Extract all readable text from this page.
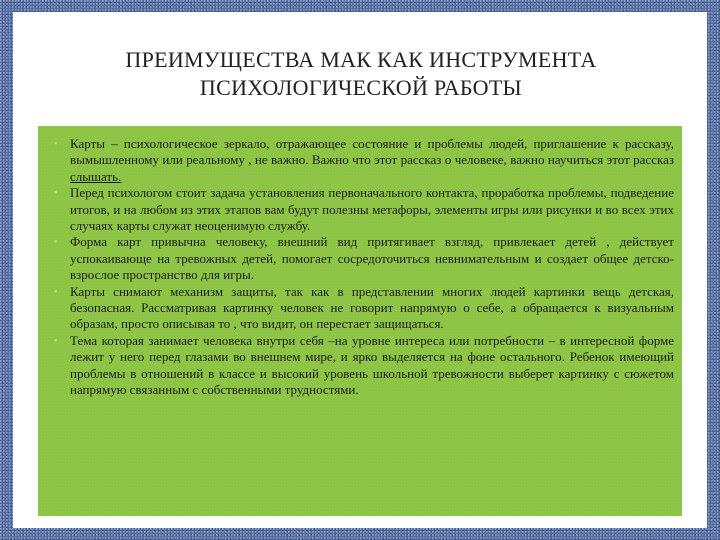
ПРЕИМУЩЕСТВА МАК КАК ИНСТРУМЕНТА
ПСИХОЛОГИЧЕСКОЙ РАБОТЫ
• Карты – психологическое зеркало, отражающее состояние и проблемы людей, приглашение к рассказу, вымышленному или реальному , не важно. Важно что этот рассказ о человеке, важно научиться этот рассказ слышать.
• Перед психологом стоит задача установления первоначального контакта, проработка проблемы, подведение итогов, и на любом из этих этапов вам будут полезны метафоры, элементы игры или рисунки и во всех этих случаях карты служат неоценимую службу.
• Форма карт привычна человеку, внешний вид притягивает взгляд, привлекает детей , действует успокаивающе на тревожных детей, помогает сосредоточиться невнимательным и создает общее детско-взрослое пространство для игры.
• Карты снимают механизм защиты, так как в представлении многих людей картинки вещь детская, безопасная. Рассматривая картинку человек не говорит напрямую о себе, а обращается к визуальным образам, просто описывая то , что видит, он перестает защищаться.
• Тема которая занимает человека внутри себя –на уровне интереса или потребности – в интересной форме лежит у него перед глазами во внешнем мире, и ярко выделяется на фоне остального. Ребенок имеющий проблемы в отношений в классе и высокий уровень школьной тревожности выберет картинку с сюжетом напрямую связанным с собственными трудностями.
